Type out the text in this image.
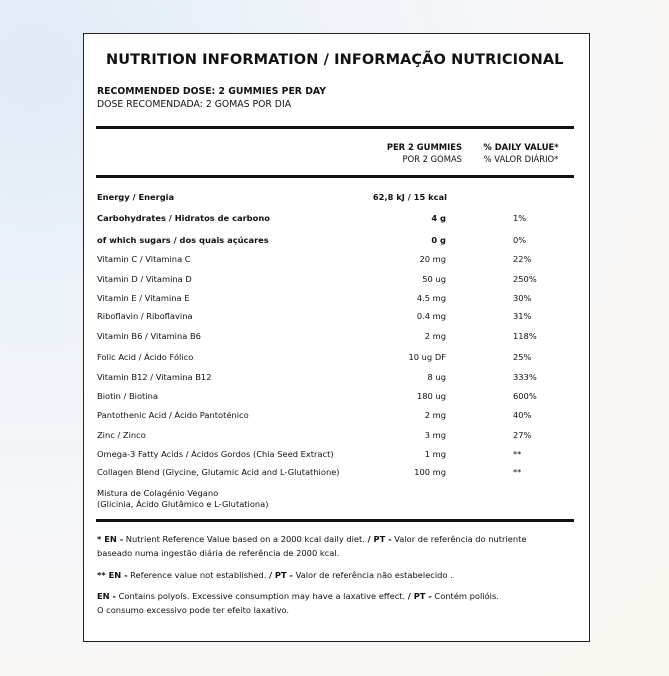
NUTRITION INFORMATION / INFORMAÇÃO NUTRICIONAL
RECOMMENDED DOSE: 2 GUMMIES PER DAY
DOSE RECOMENDADA: 2 GOMAS POR DIA
PER 2 GUMMIES
POR 2 GOMAS
% DAILY VALUE*
% VALOR DIÁRIO*
Energy / Energia	62,8 kJ / 15 kcal
Carbohydrates / Hidratos de carbono	4 g	1%
of which sugars / dos quais açúcares	0 g	0%
Vitamin C / Vitamina C	20 mg	22%
Vitamin D / Vitamina D	50 ug	250%
Vitamin E / Vitamina E	4.5 mg	30%
Riboflavin / Riboflavina	0.4 mg	31%
Vitamin B6 / Vitamina B6	2 mg	118%
Folic Acid / Ácido Fólico	10 ug DF	25%
Vitamin B12 / Vitamina B12	8 ug	333%
Biotin / Biotina	180 ug	600%
Pantothenic Acid / Ácido Pantoténico	2 mg	40%
Zinc / Zinco	3 mg	27%
Omega-3 Fatty Acids / Ácidos Gordos (Chia Seed Extract)	1 mg	**
Collagen Blend (Glycine, Glutamic Acid and L-Glutathione)	100 mg	**
Mistura de Colagénio Vegano
(Glicinia, Ácido Glutâmico e L-Glutationa)
* EN - Nutrient Reference Value based on a 2000 kcal daily diet. / PT - Valor de referência do nutriente
baseado numa ingestão diária de referência de 2000 kcal.
** EN - Reference value not established. / PT - Valor de referência não estabelecido .
EN - Contains polyols. Excessive consumption may have a laxative effect. / PT - Contém polióis.
O consumo excessivo pode ter efeito laxativo.
